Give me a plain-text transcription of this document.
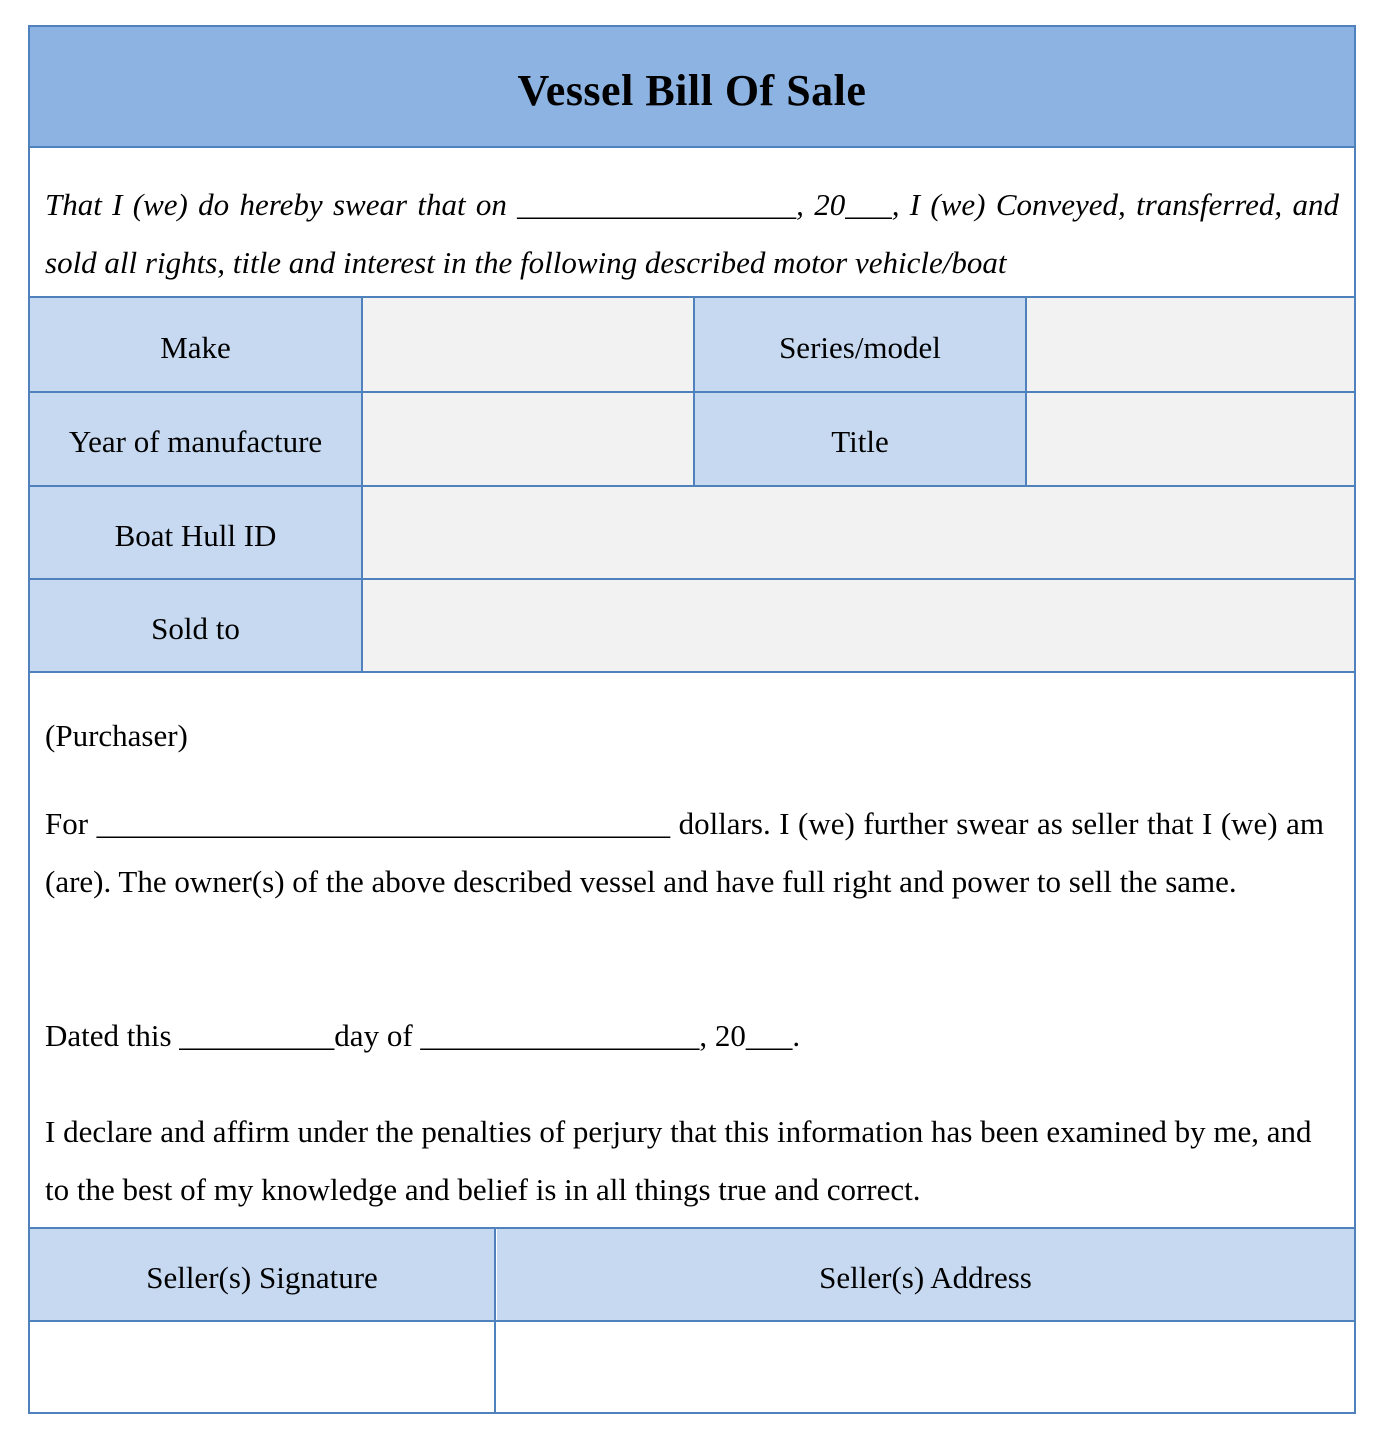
Vessel Bill Of Sale
That I (we) do hereby swear that on __________________, 20___, I (we) Conveyed, transferred, and sold all rights, title and interest in the following described motor vehicle/boat
Make	Series/model
Year of manufacture	Title
Boat Hull ID
Sold to

(Purchaser)

For _____________________________________ dollars. I (we) further swear as seller that I (we) am (are). The owner(s) of the above described vessel and have full right and power to sell the same.

Dated this __________day of __________________, 20___.

I declare and affirm under the penalties of perjury that this information has been examined by me, and to the best of my knowledge and belief is in all things true and correct.

Seller(s) Signature	Seller(s) Address
